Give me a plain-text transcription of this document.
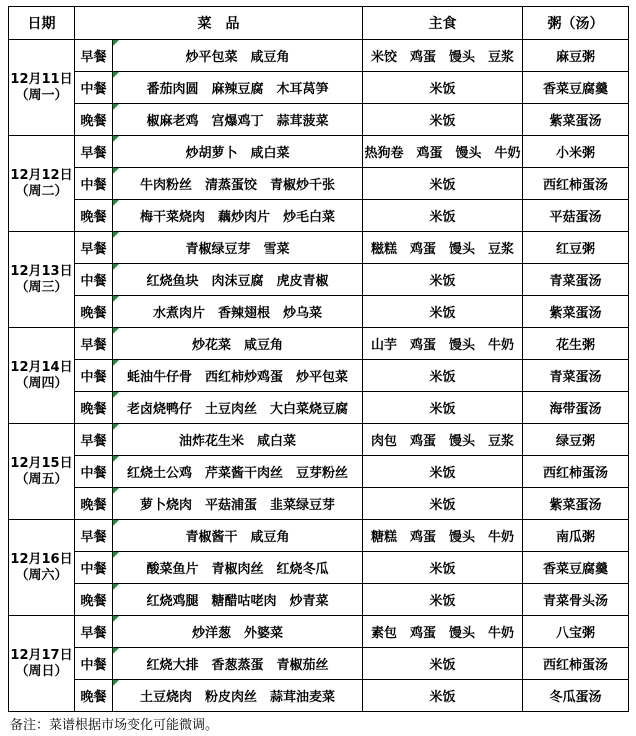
日期	菜　品		主食	粥（汤）

12月11日
（周一）	早餐	炒平包菜　咸豆角	米饺　鸡蛋　馒头　豆浆	麻豆粥
	中餐	番茄肉圆　麻辣豆腐　木耳莴笋	米饭	香菜豆腐羹
	晚餐	椒麻老鸡　宫爆鸡丁　蒜茸菠菜	米饭	紫菜蛋汤

12月12日
（周二）	早餐	炒胡萝卜　咸白菜	热狗卷　鸡蛋　馒头　牛奶	小米粥
	中餐	牛肉粉丝　清蒸蛋饺　青椒炒千张	米饭	西红柿蛋汤
	晚餐	梅干菜烧肉　藕炒肉片　炒毛白菜	米饭	平菇蛋汤

12月13日
（周三）	早餐	青椒绿豆芽　雪菜	糍糕　鸡蛋　馒头　豆浆	红豆粥
	中餐	红烧鱼块　肉沫豆腐　虎皮青椒	米饭	青菜蛋汤
	晚餐	水煮肉片　香辣翅根　炒乌菜	米饭	紫菜蛋汤

12月14日
（周四）	早餐	炒花菜　咸豆角	山芋　鸡蛋　馒头　牛奶	花生粥
	中餐	蚝油牛仔骨　西红柿炒鸡蛋　炒平包菜	米饭	青菜蛋汤
	晚餐	老卤烧鸭仔　土豆肉丝　大白菜烧豆腐	米饭	海带蛋汤

12月15日
（周五）	早餐	油炸花生米　咸白菜	肉包　鸡蛋　馒头　豆浆	绿豆粥
	中餐	红烧土公鸡　芹菜酱干肉丝　豆芽粉丝	米饭	西红柿蛋汤
	晚餐	萝卜烧肉　平菇浦蛋　韭菜绿豆芽	米饭	紫菜蛋汤

12月16日
（周六）	早餐	青椒酱干　咸豆角	糖糕　鸡蛋　馒头　牛奶	南瓜粥
	中餐	酸菜鱼片　青椒肉丝　红烧冬瓜	米饭	香菜豆腐羹
	晚餐	红烧鸡腿　糖醋咕咾肉　炒青菜	米饭	青菜骨头汤

12月17日
（周日）	早餐	炒洋葱　外婆菜	素包　鸡蛋　馒头　牛奶	八宝粥
	中餐	红烧大排　香葱蒸蛋　青椒茄丝	米饭	西红柿蛋汤
	晚餐	土豆烧肉　粉皮肉丝　蒜茸油麦菜	米饭	冬瓜蛋汤
备注：菜谱根据市场变化可能微调。
